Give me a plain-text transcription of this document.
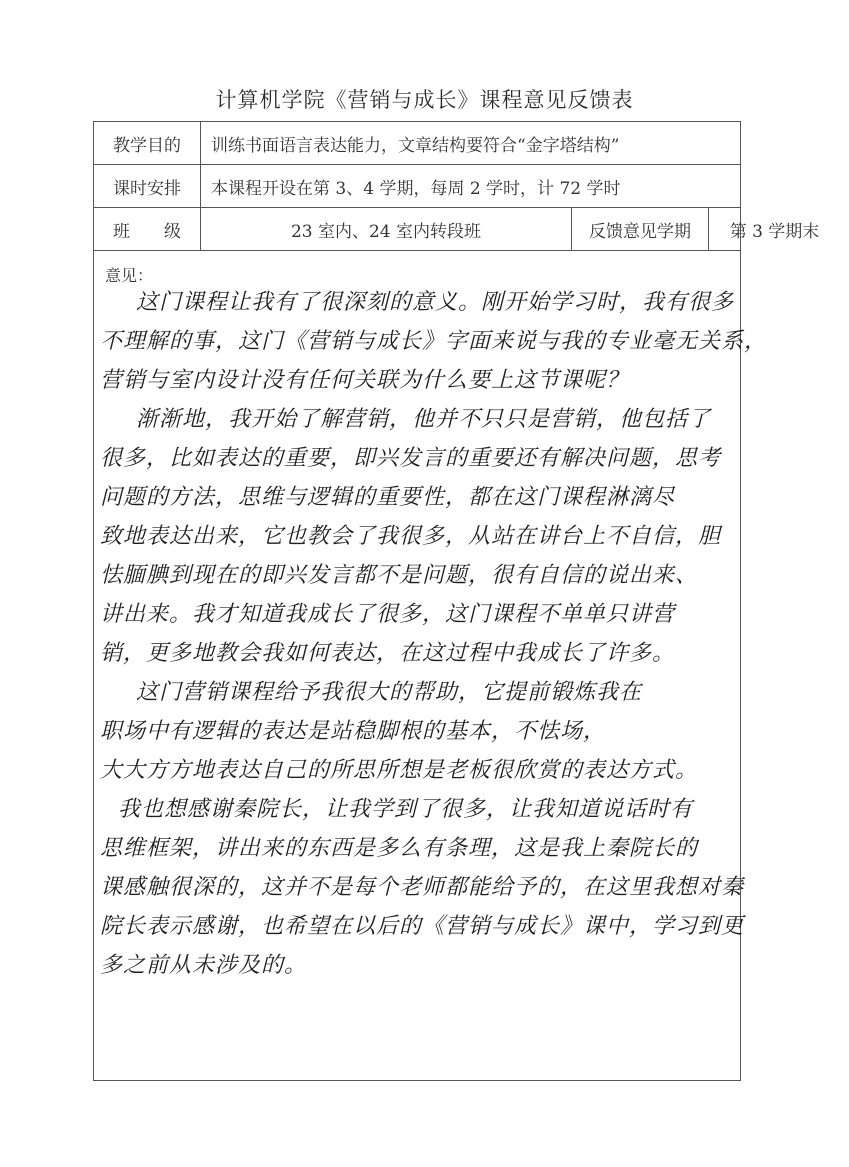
计算机学院《营销与成长》课程意见反馈表
教学目的	训练书面语言表达能力，文章结构要符合“金字塔结构”
课时安排	本课程开设在第 3、4 学期，每周 2 学时，计 72 学时
班　　级	23 室内、24 室内转段班	反馈意见学期	第 3 学期末
意见：
这门课程让我有了很深刻的意义。刚开始学习时，我有很多
不理解的事，这门《营销与成长》字面来说与我的专业毫无关系，
营销与室内设计没有任何关联为什么要上这节课呢？
渐渐地，我开始了解营销，他并不只只是营销，他包括了
很多，比如表达的重要，即兴发言的重要还有解决问题，思考
问题的方法，思维与逻辑的重要性，都在这门课程淋漓尽
致地表达出来，它也教会了我很多，从站在讲台上不自信，胆
怯腼腆到现在的即兴发言都不是问题，很有自信的说出来、
讲出来。我才知道我成长了很多，这门课程不单单只讲营
销，更多地教会我如何表达，在这过程中我成长了许多。
这门营销课程给予我很大的帮助，它提前锻炼我在
职场中有逻辑的表达是站稳脚根的基本，不怯场，
大大方方地表达自己的所思所想是老板很欣赏的表达方式。
我也想感谢秦院长，让我学到了很多，让我知道说话时有
思维框架，讲出来的东西是多么有条理，这是我上秦院长的
课感触很深的，这并不是每个老师都能给予的，在这里我想对秦
院长表示感谢，也希望在以后的《营销与成长》课中，学习到更
多之前从未涉及的。
